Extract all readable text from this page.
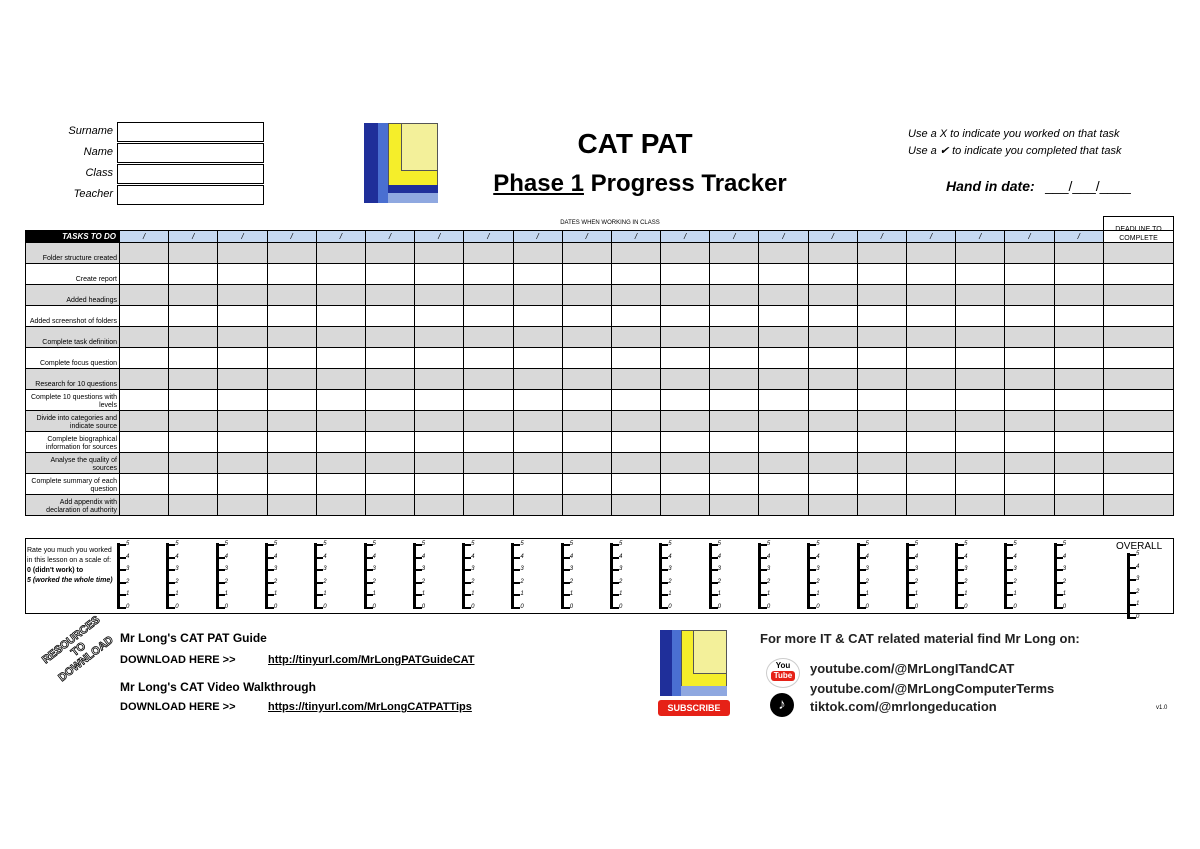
Surname
Name
Class
Teacher
CAT PAT
Phase 1 Progress Tracker
Use a X to indicate you worked on that task
Use a ✔ to indicate you completed that task
Hand in date: ___/___/____
DATES WHEN WORKING IN CLASS
DEADLINE TO COMPLETE
TASKS TO DO	/	/	/	/	/	/	/	/	/	/	/	/	/	/	/	/	/	/	/	/	
Folder structure created																					
Create report																					
Added headings																					
Added screenshot of folders																					
Complete task definition																					
Complete focus question																					
Research for 10 questions																					
Complete 10 questions with levels																					
Divide into categories and indicate source																					
Complete biographical information for sources																					
Analyse the quality of sources																					
Complete summary of each question																					
Add appendix with declaration of authority																					
Rate you much you worked in this lesson on a scale of:
0 (didn't work) to
5 (worked the whole time)
5
4
3
2
1
0
5
4
3
2
1
0
5
4
3
2
1
0
5
4
3
2
1
0
5
4
3
2
1
0
5
4
3
2
1
0
5
4
3
2
1
0
5
4
3
2
1
0
5
4
3
2
1
0
5
4
3
2
1
0
5
4
3
2
1
0
5
4
3
2
1
0
5
4
3
2
1
0
5
4
3
2
1
0
5
4
3
2
1
0
5
4
3
2
1
0
5
4
3
2
1
0
5
4
3
2
1
0
5
4
3
2
1
0
5
4
3
2
1
0
5
4
3
2
1
0
OVERALL
RESOURCES TO DOWNLOAD Mr Long's CAT PAT Guide
DOWNLOAD HERE >>	http://tinyurl.com/MrLongPATGuideCAT
Mr Long's CAT Video Walkthrough
DOWNLOAD HERE >>	https://tinyurl.com/MrLongCATPATTips	SUBSCRIBE
For more IT & CAT related material find Mr Long on:
You
Tube youtube.com/@MrLongITandCAT
youtube.com/@MrLongComputerTerms
♪	tiktok.com/@mrlongeducation	v1.0
